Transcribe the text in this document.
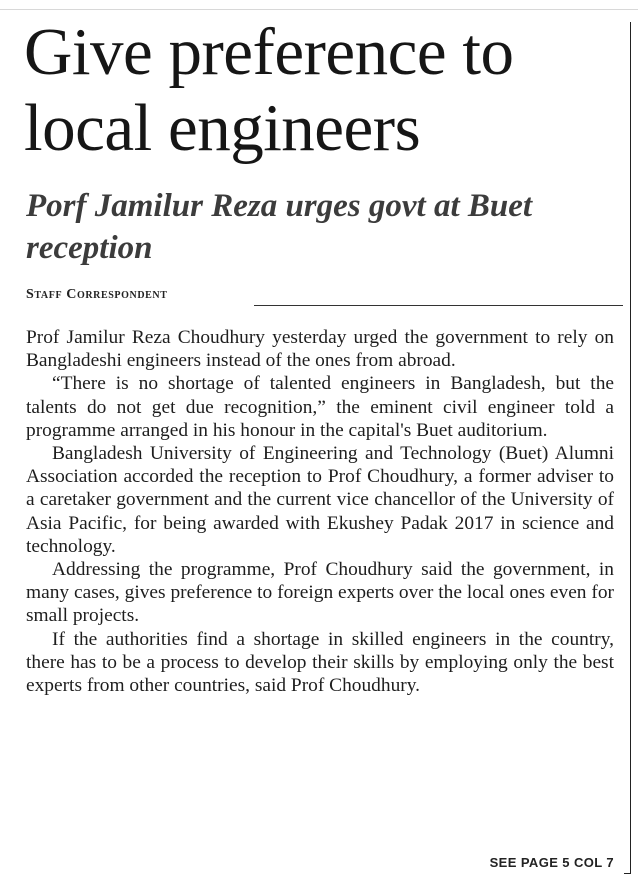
Give preference to local engineers
Porf Jamilur Reza urges govt at Buet reception
Staff Correspondent

Prof Jamilur Reza Choudhury yesterday urged the government to rely on Bangladeshi engineers instead of the ones from abroad.

“There is no shortage of talented engineers in Bangladesh, but the talents do not get due recognition,” the eminent civil engineer told a programme arranged in his honour in the capital's Buet auditorium.

Bangladesh University of Engineering and Technology (Buet) Alumni Association accorded the reception to Prof Choudhury, a former adviser to a caretaker government and the current vice chancellor of the University of Asia Pacific, for being awarded with Ekushey Padak 2017 in science and technology.

Addressing the programme, Prof Choudhury said the government, in many cases, gives preference to foreign experts over the local ones even for small projects.

If the authorities find a shortage in skilled engineers in the country, there has to be a process to develop their skills by employing only the best experts from other countries, said Prof Choudhury.

SEE PAGE 5 COL 7
